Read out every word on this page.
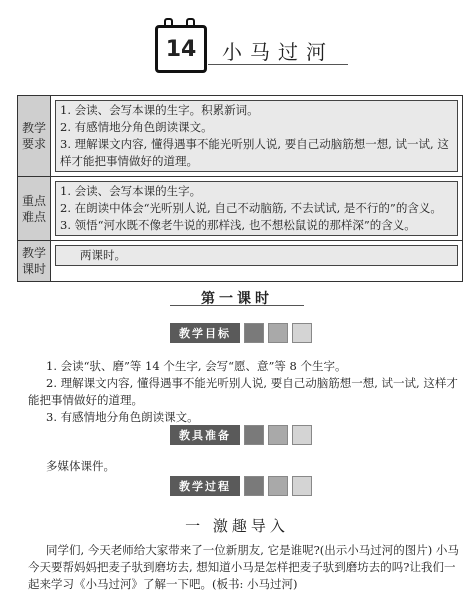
14	小马过河
教学要求	1. 会读、会写本课的生字。积累新词。
2. 有感情地分角色朗读课文。
3. 理解课文内容, 懂得遇事不能光听别人说, 要自己动脑筋想一想, 试一试, 这样才能把事情做好的道理。

重点难点	1. 会读、会写本课的生字。
2. 在朗读中体会“光听别人说, 自己不动脑筋, 不去试试, 是不行的”的含义。
3. 领悟“河水既不像老牛说的那样浅, 也不想松鼠说的那样深”的含义。

教学课时	两课时。
第一课时
教学目标
1. 会读“驮、磨”等 14 个生字, 会写“愿、意”等 8 个生字。
2. 理解课文内容, 懂得遇事不能光听别人说, 要自己动脑筋想一想, 试一试, 这样才能把事情做好的道理。
3. 有感情地分角色朗读课文。
教具准备
多媒体课件。
教学过程
一 激趣导入
同学们, 今天老师给大家带来了一位新朋友, 它是谁呢?(出示小马过河的图片) 小马今天要帮妈妈把麦子驮到磨坊去, 想知道小马是怎样把麦子驮到磨坊去的吗?让我们一起来学习《小马过河》了解一下吧。(板书: 小马过河)
